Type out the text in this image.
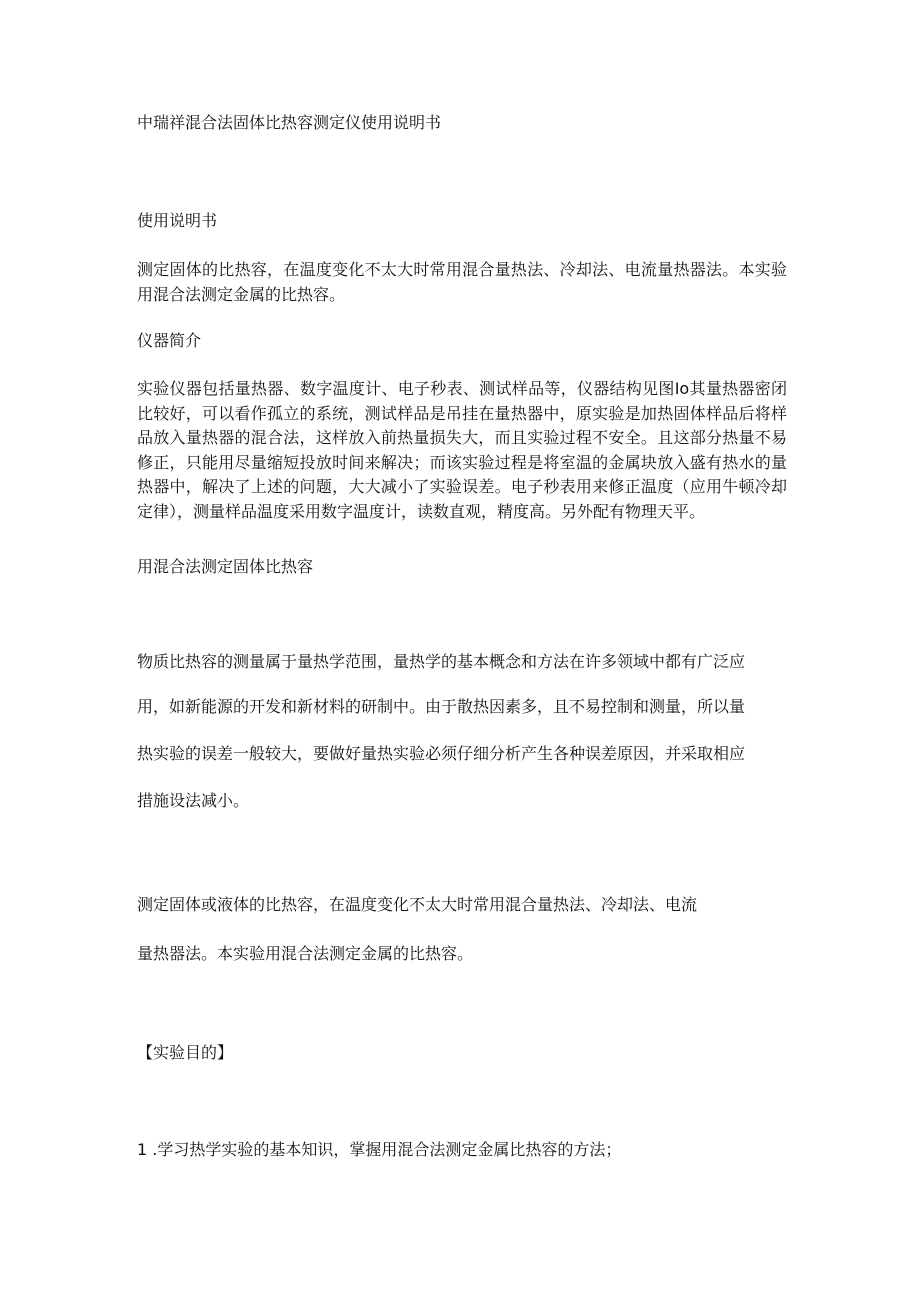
中瑞祥混合法固体比热容测定仪使用说明书
使用说明书
测定固体的比热容，在温度变化不太大时常用混合量热法、冷却法、电流量热器法。本实验用混合法测定金属的比热容。
仪器简介
实验仪器包括量热器、数字温度计、电子秒表、测试样品等，仪器结构见图Io其量热器密闭比较好，可以看作孤立的系统，测试样品是吊挂在量热器中，原实验是加热固体样品后将样品放入量热器的混合法，这样放入前热量损失大，而且实验过程不安全。且这部分热量不易修正，只能用尽量缩短投放时间来解决；而该实验过程是将室温的金属块放入盛有热水的量热器中，解决了上述的问题，大大减小了实验误差。电子秒表用来修正温度（应用牛顿冷却定律），测量样品温度采用数字温度计，读数直观，精度高。另外配有物理天平。
用混合法测定固体比热容
物质比热容的测量属于量热学范围，量热学的基本概念和方法在许多领域中都有广泛应
用，如新能源的开发和新材料的研制中。由于散热因素多，且不易控制和测量，所以量
热实验的误差一般较大，要做好量热实验必须仔细分析产生各种误差原因，并采取相应
措施设法减小。
测定固体或液体的比热容，在温度变化不太大时常用混合量热法、冷却法、电流
量热器法。本实验用混合法测定金属的比热容。
【实验目的】
1 .学习热学实验的基本知识，掌握用混合法测定金属比热容的方法；
